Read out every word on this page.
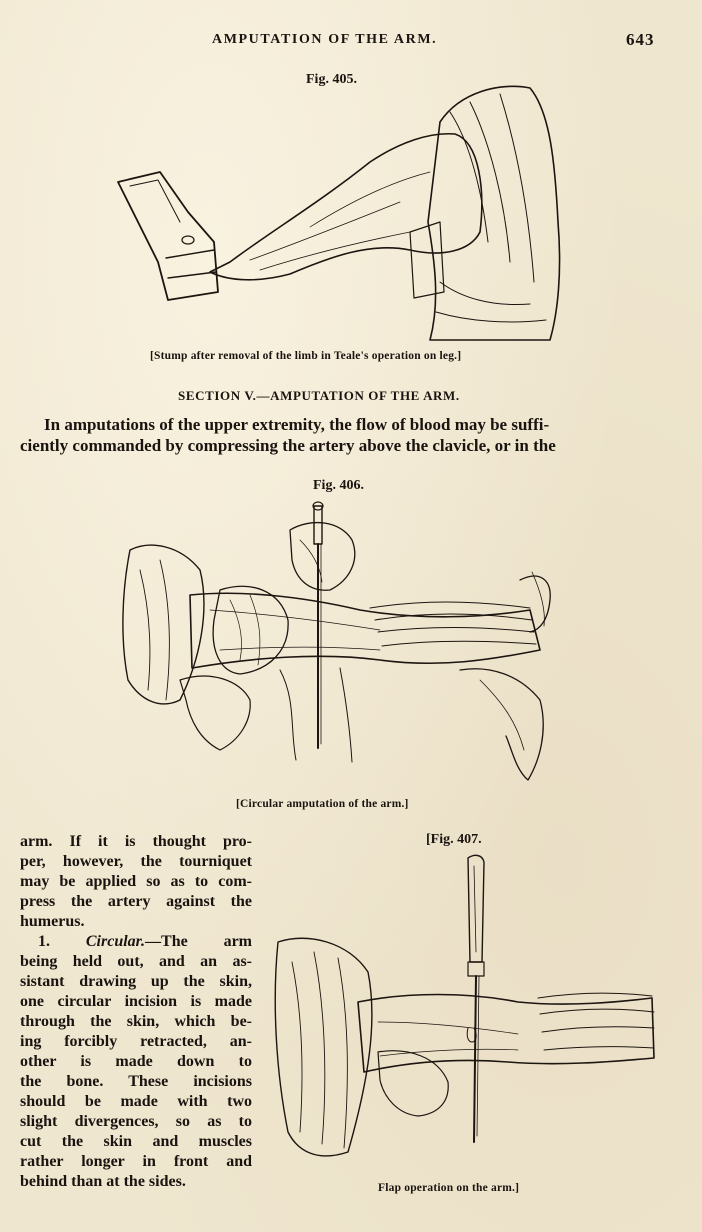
AMPUTATION OF THE ARM.	643
Fig. 405.
[Stump after removal of the limb in Teale's operation on leg.]
SECTION V.—AMPUTATION OF THE ARM.
In amputations of the upper extremity, the flow of blood may be suffi-
ciently commanded by compressing the artery above the clavicle, or in the
Fig. 406.
[Circular amputation of the arm.]
arm. If it is thought pro-
per, however, the tourniquet
may be applied so as to com-
press the artery against the
humerus.
1. Circular.—The arm
being held out, and an as-
sistant drawing up the skin,
one circular incision is made
through the skin, which be-
ing forcibly retracted, an-
other is made down to
the bone. These incisions
should be made with two
slight divergences, so as to
cut the skin and muscles
rather longer in front and
behind than at the sides.
[Fig. 407.
Flap operation on the arm.]
